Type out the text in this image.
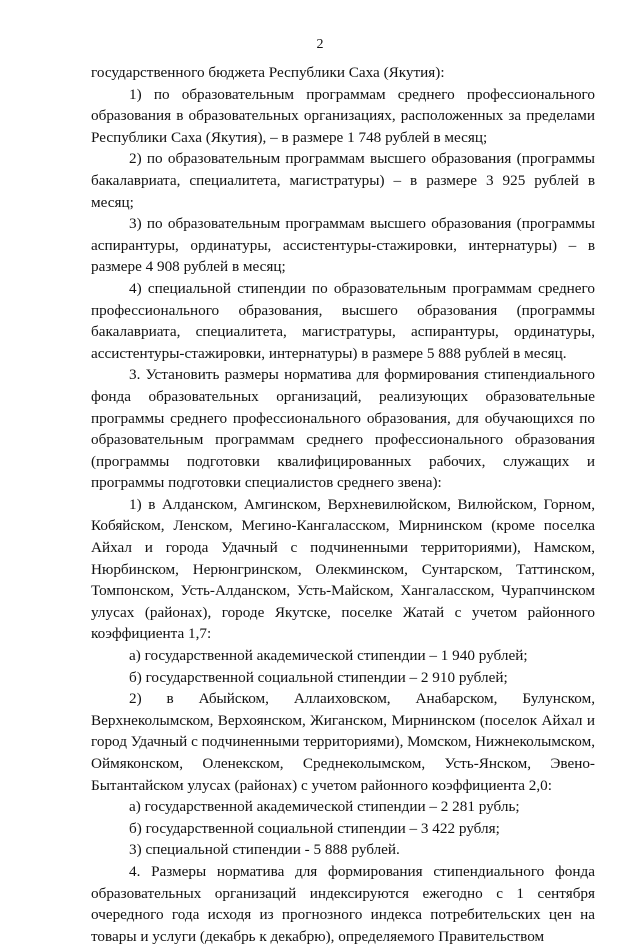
2

государственного бюджета Республики Саха (Якутия):

1) по образовательным программам среднего профессионального образования в образовательных организациях, расположенных за пределами Республики Саха (Якутия), – в размере 1 748 рублей в месяц;

2) по образовательным программам высшего образования (программы бакалавриата, специалитета, магистратуры) – в размере 3 925 рублей в месяц;

3) по образовательным программам высшего образования (программы аспирантуры, ординатуры, ассистентуры-стажировки, интернатуры) – в размере 4 908 рублей в месяц;

4) специальной стипендии по образовательным программам среднего профессионального образования, высшего образования (программы бакалавриата, специалитета, магистратуры, аспирантуры, ординатуры, ассистентуры-стажировки, интернатуры) в размере 5 888 рублей в месяц.

3. Установить размеры норматива для формирования стипендиального фонда образовательных организаций, реализующих образовательные программы среднего профессионального образования, для обучающихся по образовательным программам среднего профессионального образования (программы подготовки квалифицированных рабочих, служащих и программы подготовки специалистов среднего звена):

1) в Алданском, Амгинском, Верхневилюйском, Вилюйском, Горном, Кобяйском, Ленском, Мегино-Кангаласском, Мирнинском (кроме поселка Айхал и города Удачный с подчиненными территориями), Намском, Нюрбинском, Нерюнгринском, Олекминском, Сунтарском, Таттинском, Томпонском, Усть-Алданском, Усть-Майском, Хангаласском, Чурапчинском улусах (районах), городе Якутске, поселке Жатай с учетом районного коэффициента 1,7:

а) государственной академической стипендии – 1 940 рублей;

б) государственной социальной стипендии – 2 910 рублей;

2) в Абыйском, Аллаиховском, Анабарском, Булунском, Верхнеколымском, Верхоянском, Жиганском, Мирнинском (поселок Айхал и город Удачный с подчиненными территориями), Момском, Нижнеколымском, Оймяконском, Оленекском, Среднеколымском, Усть-Янском, Эвено-Бытантайском улусах (районах) с учетом районного коэффициента 2,0:

а) государственной академической стипендии – 2 281 рубль;

б) государственной социальной стипендии – 3 422 рубля;

3) специальной стипендии - 5 888 рублей.

4. Размеры норматива для формирования стипендиального фонда образовательных организаций индексируются ежегодно с 1 сентября очередного года исходя из прогнозного индекса потребительских цен на товары и услуги (декабрь к декабрю), определяемого Правительством
